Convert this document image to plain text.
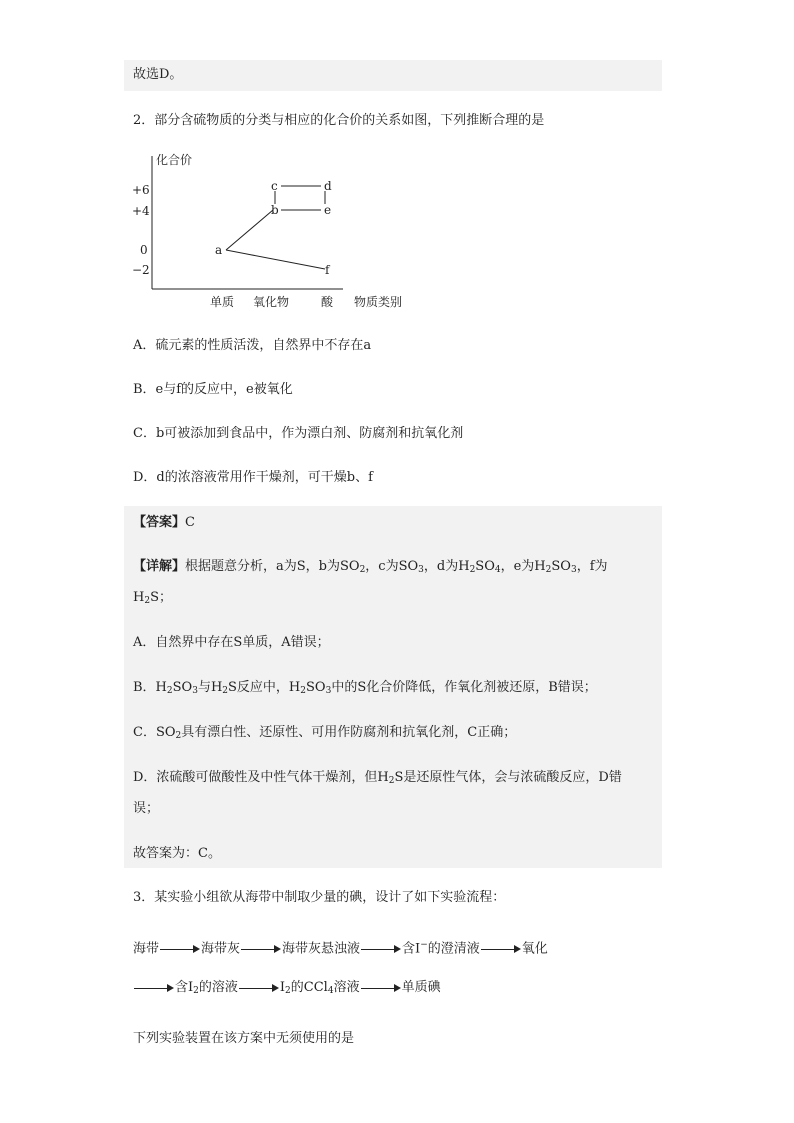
故选D。
2．部分含硫物质的分类与相应的化合价的关系如图，下列推断合理的是
化合价
+6
+4
0
−2
单质 氧化物	酸 物质类别
a
b
c	d
e
f
A．硫元素的性质活泼，自然界中不存在a
B．e与f的反应中，e被氧化
C．b可被添加到食品中，作为漂白剂、防腐剂和抗氧化剂
D．d的浓溶液常用作干燥剂，可干燥b、f
【答案】C
【详解】根据题意分析，a为S，b为$SO_2$，c为$SO_3$，d为$H_2SO_4$，e为$H_2SO_3$，f为
$H_2S$；
A．自然界中存在S单质，A错误；
B．$H_2SO_3$与$H_2S$反应中，$H_2SO_3$中的S化合价降低，作氧化剂被还原，B错误；
C．$SO_2$具有漂白性、还原性、可用作防腐剂和抗氧化剂，C正确；
D．浓硫酸可做酸性及中性气体干燥剂，但$H_2S$是还原性气体，会与浓硫酸反应，D错
误；
故答案为：C。
3．某实验小组欲从海带中制取少量的碘，设计了如下实验流程：
海带	海带灰	海带灰悬浊液	含I−的澄清液	氧化
含$I_2$的溶液	$I_2$的CCl$_4$溶液	单质碘
下列实验装置在该方案中无须使用的是
